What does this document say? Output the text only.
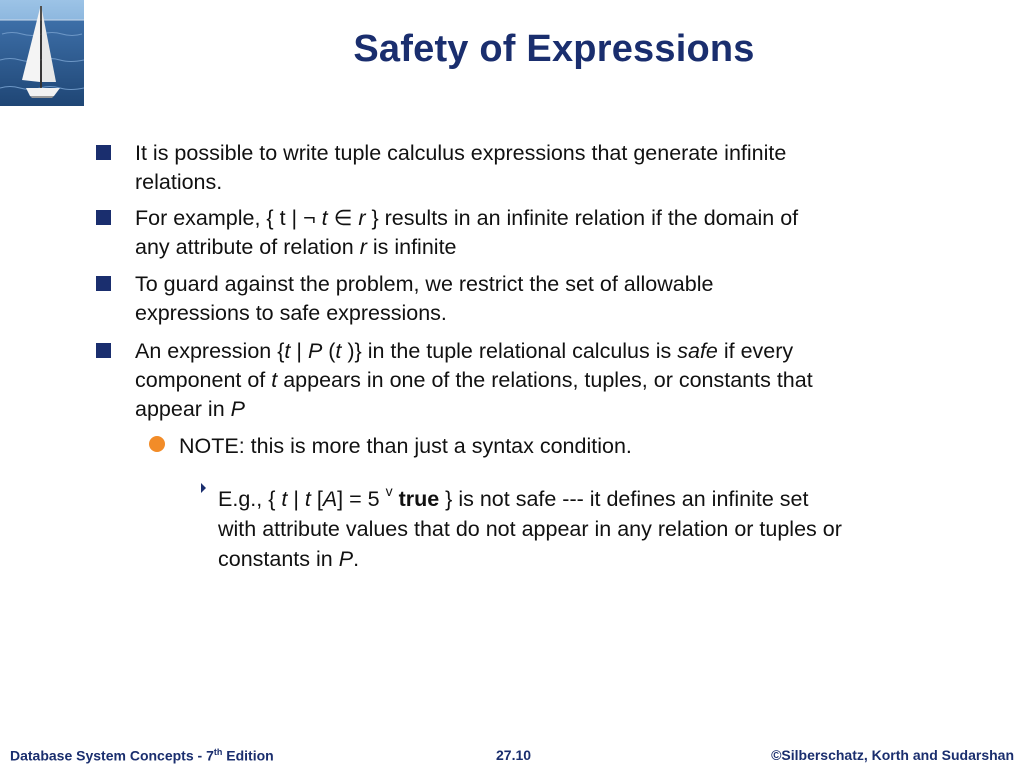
Safety of Expressions
It is possible to write tuple calculus expressions that generate infinite
relations.
For example, { t | ¬ t ∈ r } results in an infinite relation if the domain of
any attribute of relation r is infinite
To guard against the problem, we restrict the set of allowable
expressions to safe expressions.
An expression {t | P (t )} in the tuple relational calculus is safe if every
component of t appears in one of the relations, tuples, or constants that
appear in P
NOTE: this is more than just a syntax condition.
E.g., { t | t [A] = 5 $^v$ true } is not safe --- it defines an infinite set
with attribute values that do not appear in any relation or tuples or
constants in P.
Database System Concepts - 7th Edition	27.10	©Silberschatz, Korth and Sudarshan
